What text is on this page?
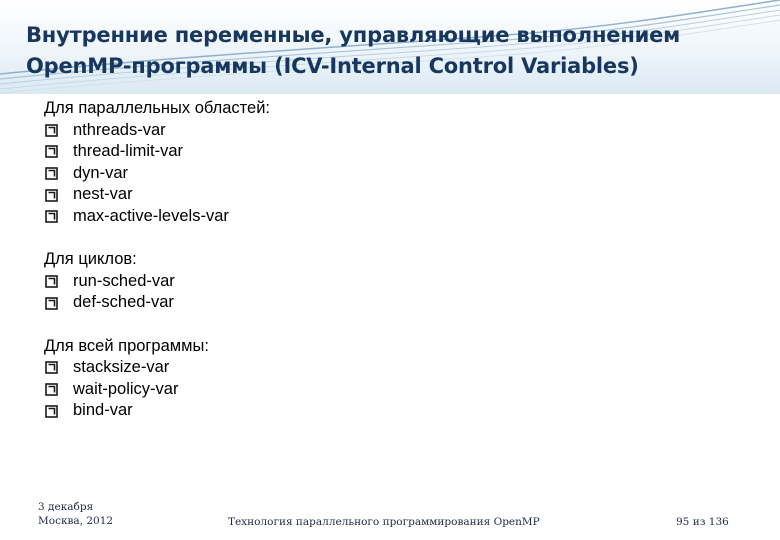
Внутренние переменные, управляющие выполнением
OpenMP-программы (ICV-Internal Control Variables)
Для параллельных областей:
nthreads-var
thread-limit-var
dyn-var
nest-var
max-active-levels-var
Для циклов:
run-sched-var
def-sched-var
Для всей программы:
stacksize-var
wait-policy-var
bind-var
3 декабря
Москва, 2012	Технология параллельного программирования OpenMP	95 из 136
